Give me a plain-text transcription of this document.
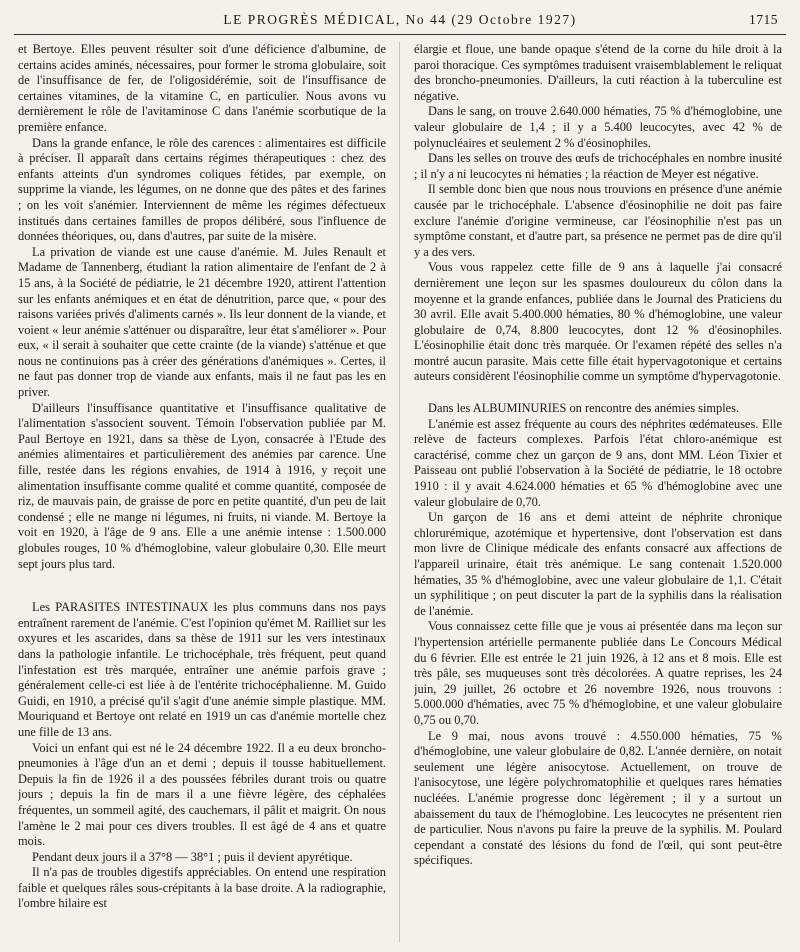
LE PROGRÈS MÉDICAL, No 44 (29 Octobre 1927)	1715

et Bertoye. Elles peuvent résulter soit d'une déficience d'albumine, de certains acides aminés, nécessaires, pour former le stroma globulaire, soit de l'insuffisance de fer, de l'oligosidérémie, soit de l'insuffisance de certaines vitamines, de la vitamine C, en particulier. Nous avons vu dernièrement le rôle de l'avitaminose C dans l'anémie scorbutique de la première enfance.

Dans la grande enfance, le rôle des carences : alimentaires est difficile à préciser. Il apparaît dans certains régimes thérapeutiques : chez des enfants atteints d'un syndromes coliques fétides, par exemple, on supprime la viande, les légumes, on ne donne que des pâtes et des farines ; on les voit s'anémier. Interviennent de même les régimes défectueux institués dans certaines familles de propos délibéré, sous l'influence de données théoriques, ou, dans d'autres, par suite de la misère.

La privation de viande est une cause d'anémie. M. Jules Renault et Madame de Tannenberg, étudiant la ration alimentaire de l'enfant de 2 à 15 ans, à la Société de pédiatrie, le 21 décembre 1920, attirent l'attention sur les enfants anémiques et en état de dénutrition, parce que, « pour des raisons variées privés d'aliments carnés ». Ils leur donnent de la viande, et voient « leur anémie s'atténuer ou disparaître, leur état s'améliorer ». Pour eux, « il serait à souhaiter que cette crainte (de la viande) s'atténue et que nous ne continuions pas à créer des générations d'anémiques ». Certes, il ne faut pas donner trop de viande aux enfants, mais il ne faut pas les en priver.

D'ailleurs l'insuffisance quantitative et l'insuffisance qualitative de l'alimentation s'associent souvent. Témoin l'observation publiée par M. Paul Bertoye en 1921, dans sa thèse de Lyon, consacrée à l'Etude des anémies alimentaires et particulièrement des anémies par carence. Une fille, restée dans les régions envahies, de 1914 à 1916, y reçoit une alimentation insuffisante comme qualité et comme quantité, composée de riz, de mauvais pain, de graisse de porc en petite quantité, d'un peu de lait condensé ; elle ne mange ni légumes, ni fruits, ni viande. M. Bertoye la voit en 1920, à l'âge de 9 ans. Elle a une anémie intense : 1.500.000 globules rouges, 10 % d'hémoglobine, valeur globulaire 0,30. Elle meurt sept jours plus tard.

Les PARASITES INTESTINAUX les plus communs dans nos pays entraînent rarement de l'anémie. C'est l'opinion qu'émet M. Railliet sur les oxyures et les ascarides, dans sa thèse de 1911 sur les vers intestinaux dans la pathologie infantile. Le trichocéphale, très fréquent, peut quand l'infestation est très marquée, entraîner une anémie parfois grave ; généralement celle-ci est liée à de l'entérite trichocéphalienne. M. Guido Guidi, en 1910, a précisé qu'il s'agit d'une anémie simple plastique. MM. Mouriquand et Bertoye ont relaté en 1919 un cas d'anémie mortelle chez une fille de 13 ans.

Voici un enfant qui est né le 24 décembre 1922. Il a eu deux broncho-pneumonies à l'âge d'un an et demi ; depuis il tousse habituellement. Depuis la fin de 1926 il a des poussées fébriles durant trois ou quatre jours ; depuis la fin de mars il a une fièvre légère, des céphalées fréquentes, un sommeil agité, des cauchemars, il pâlit et maigrit. On nous l'amène le 2 mai pour ces divers troubles. Il est âgé de 4 ans et quatre mois.

Pendant deux jours il a 37°8 — 38°1 ; puis il devient apyrétique.

Il n'a pas de troubles digestifs appréciables. On entend une respiration faible et quelques râles sous-crépitants à la base droite. A la radiographie, l'ombre hilaire est

élargie et floue, une bande opaque s'étend de la corne du hile droit à la paroi thoracique. Ces symptômes traduisent vraisemblablement le reliquat des broncho-pneumonies. D'ailleurs, la cuti réaction à la tuberculine est négative.

Dans le sang, on trouve 2.640.000 hématies, 75 % d'hémoglobine, une valeur globulaire de 1,4 ; il y a 5.400 leucocytes, avec 42 % de polynucléaires et seulement 2 % d'éosinophiles.

Dans les selles on trouve des œufs de trichocéphales en nombre inusité ; il n'y a ni leucocytes ni hématies ; la réaction de Meyer est négative.

Il semble donc bien que nous nous trouvions en présence d'une anémie causée par le trichocéphale. L'absence d'éosinophilie ne doit pas faire exclure l'anémie d'origine vermineuse, car l'éosinophilie n'est pas un symptôme constant, et d'autre part, sa présence ne permet pas de dire qu'il y a des vers.

Vous vous rappelez cette fille de 9 ans à laquelle j'ai consacré dernièrement une leçon sur les spasmes douloureux du côlon dans la moyenne et la grande enfances, publiée dans le Journal des Praticiens du 30 avril. Elle avait 5.400.000 hématies, 80 % d'hémoglobine, une valeur globulaire de 0,74, 8.800 leucocytes, dont 12 % d'éosinophiles. L'éosinophilie était donc très marquée. Or l'examen répété des selles n'a montré aucun parasite. Mais cette fille était hypervagotonique et certains auteurs considèrent l'éosinophilie comme un symptôme d'hypervagotonie.

Dans les ALBUMINURIES on rencontre des anémies simples.

L'anémie est assez fréquente au cours des néphrites œdémateuses. Elle relève de facteurs complexes. Parfois l'état chloro-anémique est caractérisé, comme chez un garçon de 9 ans, dont MM. Léon Tixier et Paisseau ont publié l'observation à la Société de pédiatrie, le 18 octobre 1910 : il y avait 4.624.000 hématies et 65 % d'hémoglobine avec une valeur globulaire de 0,70.

Un garçon de 16 ans et demi atteint de néphrite chronique chlorurémique, azotémique et hypertensive, dont l'observation est dans mon livre de Clinique médicale des enfants consacré aux affections de l'appareil urinaire, était très anémique. Le sang contenait 1.520.000 hématies, 35 % d'hémoglobine, avec une valeur globulaire de 1,1. C'était un syphilitique ; on peut discuter la part de la syphilis dans la réalisation de l'anémie.

Vous connaissez cette fille que je vous ai présentée dans ma leçon sur l'hypertension artérielle permanente publiée dans Le Concours Médical du 6 février. Elle est entrée le 21 juin 1926, à 12 ans et 8 mois. Elle est très pâle, ses muqueuses sont très décolorées. A quatre reprises, les 24 juin, 29 juillet, 26 octobre et 26 novembre 1926, nous trouvons : 5.000.000 d'hématies, avec 75 % d'hémoglobine, et une valeur globulaire 0,75 ou 0,70.

Le 9 mai, nous avons trouvé : 4.550.000 hématies, 75 % d'hémoglobine, une valeur globulaire de 0,82. L'année dernière, on notait seulement une légère anisocytose. Actuellement, on trouve de l'anisocytose, une légère polychromatophilie et quelques rares hématies nucléées. L'anémie progresse donc légèrement ; il y a surtout un abaissement du taux de l'hémoglobine. Les leucocytes ne présentent rien de particulier. Nous n'avons pu faire la preuve de la syphilis. M. Poulard cependant a constaté des lésions du fond de l'œil, qui sont peut-être spécifiques.
